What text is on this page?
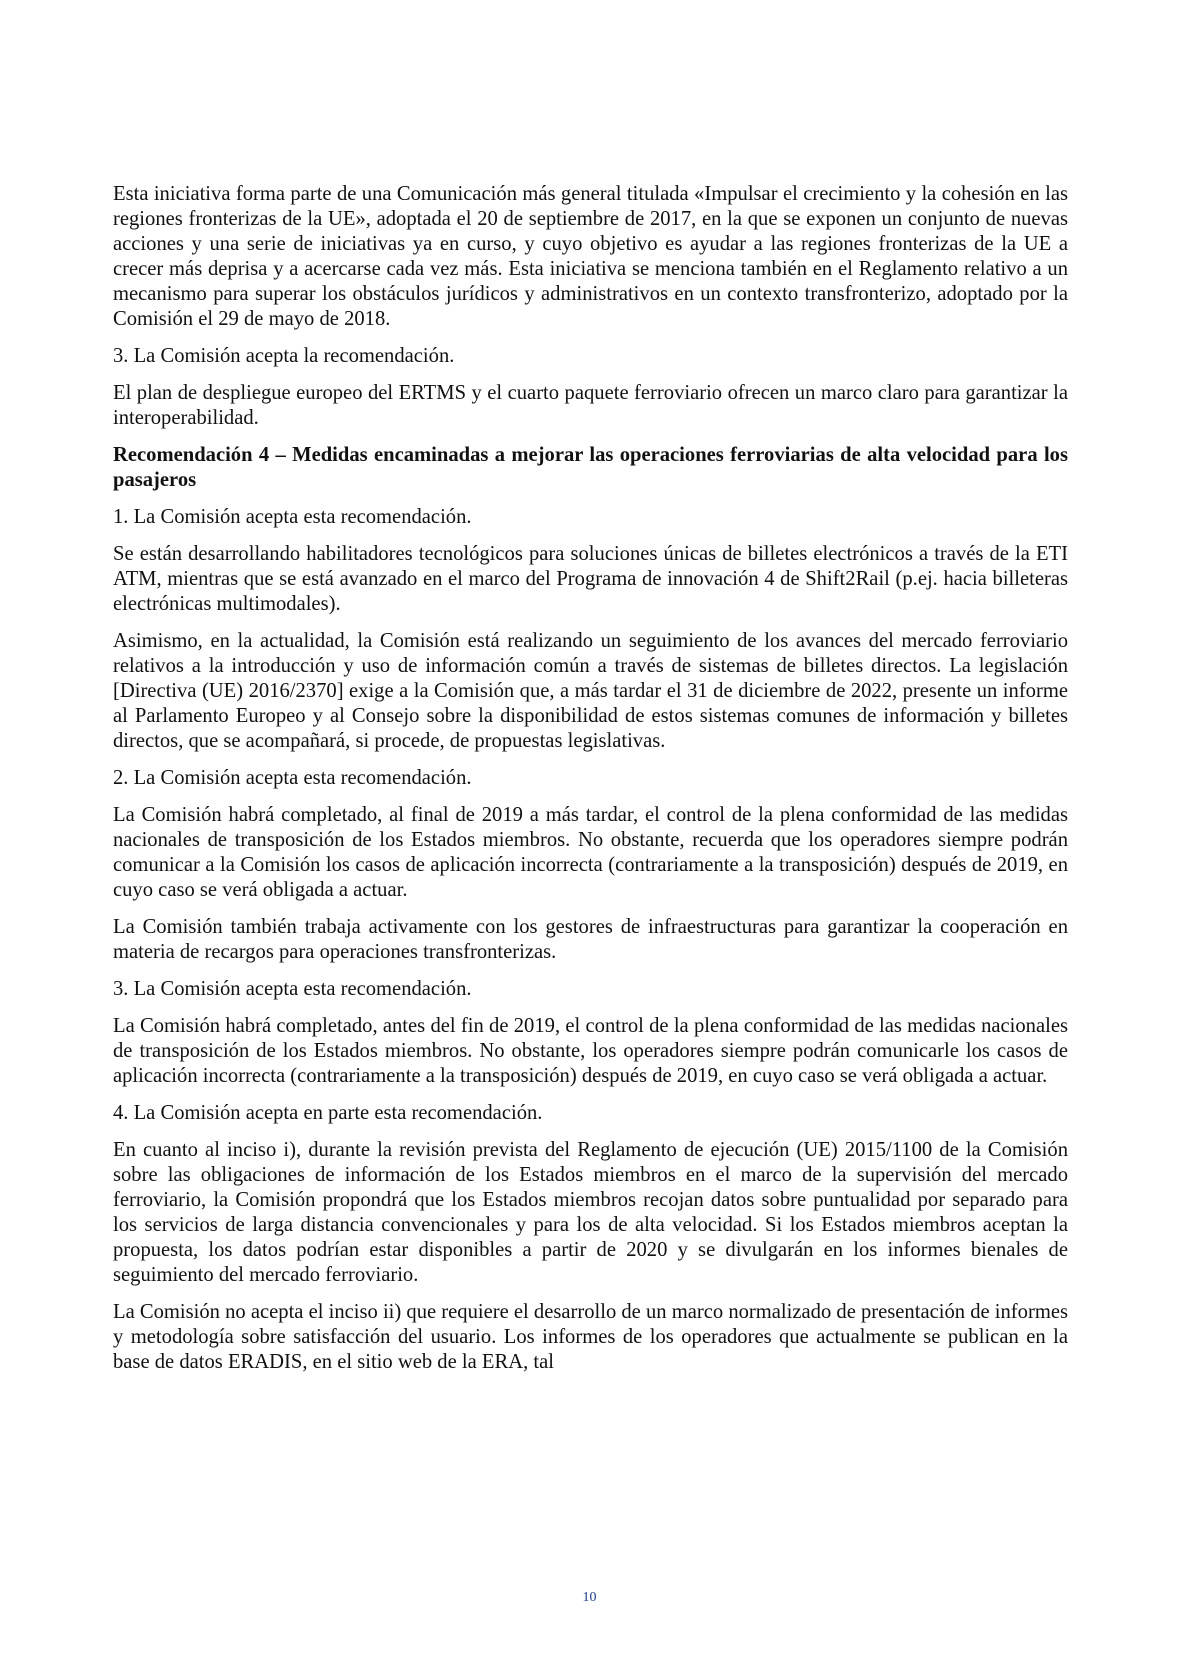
Esta iniciativa forma parte de una Comunicación más general titulada «Impulsar el crecimiento y la cohesión en las regiones fronterizas de la UE», adoptada el 20 de septiembre de 2017, en la que se exponen un conjunto de nuevas acciones y una serie de iniciativas ya en curso, y cuyo objetivo es ayudar a las regiones fronterizas de la UE a crecer más deprisa y a acercarse cada vez más. Esta iniciativa se menciona también en el Reglamento relativo a un mecanismo para superar los obstáculos jurídicos y administrativos en un contexto transfronterizo, adoptado por la Comisión el 29 de mayo de 2018.

3. La Comisión acepta la recomendación.

El plan de despliegue europeo del ERTMS y el cuarto paquete ferroviario ofrecen un marco claro para garantizar la interoperabilidad.

Recomendación 4 – Medidas encaminadas a mejorar las operaciones ferroviarias de alta velocidad para los pasajeros

1. La Comisión acepta esta recomendación.

Se están desarrollando habilitadores tecnológicos para soluciones únicas de billetes electrónicos a través de la ETI ATM, mientras que se está avanzado en el marco del Programa de innovación 4 de Shift2Rail (p.ej. hacia billeteras electrónicas multimodales).

Asimismo, en la actualidad, la Comisión está realizando un seguimiento de los avances del mercado ferroviario relativos a la introducción y uso de información común a través de sistemas de billetes directos. La legislación [Directiva (UE) 2016/2370] exige a la Comisión que, a más tardar el 31 de diciembre de 2022, presente un informe al Parlamento Europeo y al Consejo sobre la disponibilidad de estos sistemas comunes de información y billetes directos, que se acompañará, si procede, de propuestas legislativas.

2. La Comisión acepta esta recomendación.

La Comisión habrá completado, al final de 2019 a más tardar, el control de la plena conformidad de las medidas nacionales de transposición de los Estados miembros. No obstante, recuerda que los operadores siempre podrán comunicar a la Comisión los casos de aplicación incorrecta (contrariamente a la transposición) después de 2019, en cuyo caso se verá obligada a actuar.

La Comisión también trabaja activamente con los gestores de infraestructuras para garantizar la cooperación en materia de recargos para operaciones transfronterizas.

3. La Comisión acepta esta recomendación.

La Comisión habrá completado, antes del fin de 2019, el control de la plena conformidad de las medidas nacionales de transposición de los Estados miembros. No obstante, los operadores siempre podrán comunicarle los casos de aplicación incorrecta (contrariamente a la transposición) después de 2019, en cuyo caso se verá obligada a actuar.

4. La Comisión acepta en parte esta recomendación.

En cuanto al inciso i), durante la revisión prevista del Reglamento de ejecución (UE) 2015/1100 de la Comisión sobre las obligaciones de información de los Estados miembros en el marco de la supervisión del mercado ferroviario, la Comisión propondrá que los Estados miembros recojan datos sobre puntualidad por separado para los servicios de larga distancia convencionales y para los de alta velocidad. Si los Estados miembros aceptan la propuesta, los datos podrían estar disponibles a partir de 2020 y se divulgarán en los informes bienales de seguimiento del mercado ferroviario.

La Comisión no acepta el inciso ii) que requiere el desarrollo de un marco normalizado de presentación de informes y metodología sobre satisfacción del usuario. Los informes de los operadores que actualmente se publican en la base de datos ERADIS, en el sitio web de la ERA, tal

10
